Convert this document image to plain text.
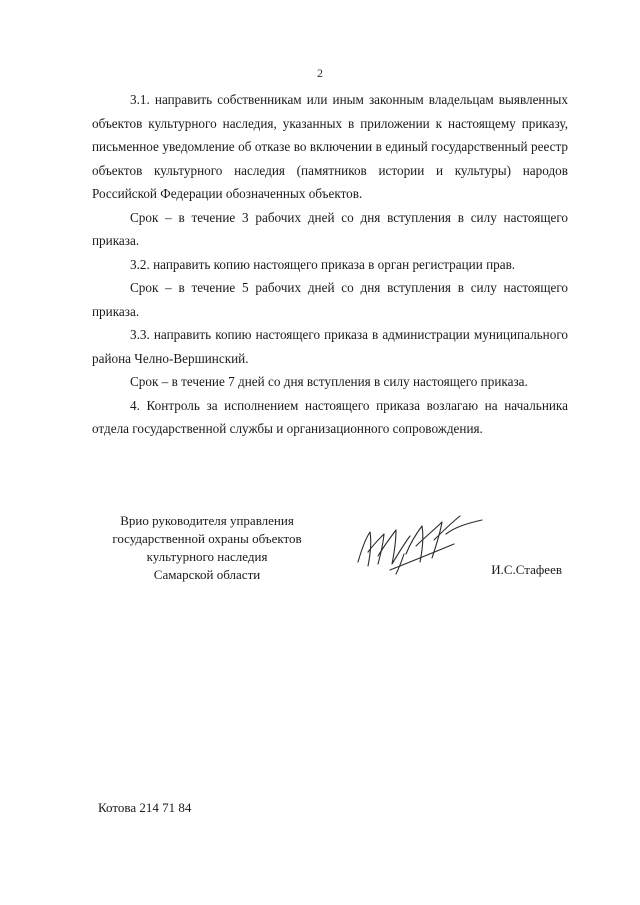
2

3.1. направить собственникам или иным законным владельцам выявленных объектов культурного наследия, указанных в приложении к настоящему приказу, письменное уведомление об отказе во включении в единый государственный реестр объектов культурного наследия (памятников истории и культуры) народов Российской Федерации обозначенных объектов.

Срок – в течение 3 рабочих дней со дня вступления в силу настоящего приказа.

3.2. направить копию настоящего приказа в орган регистрации прав.

Срок – в течение 5 рабочих дней со дня вступления в силу настоящего приказа.

3.3. направить копию настоящего приказа в администрации муниципального района Челно-Вершинский.

Срок – в течение 7 дней со дня вступления в силу настоящего приказа.

4. Контроль за исполнением настоящего приказа возлагаю на начальника отдела государственной службы и организационного сопровождения.

Врио руководителя управления
государственной охраны объектов
культурного наследия
Самарской области	И.С.Стафеев
Котова 214 71 84
